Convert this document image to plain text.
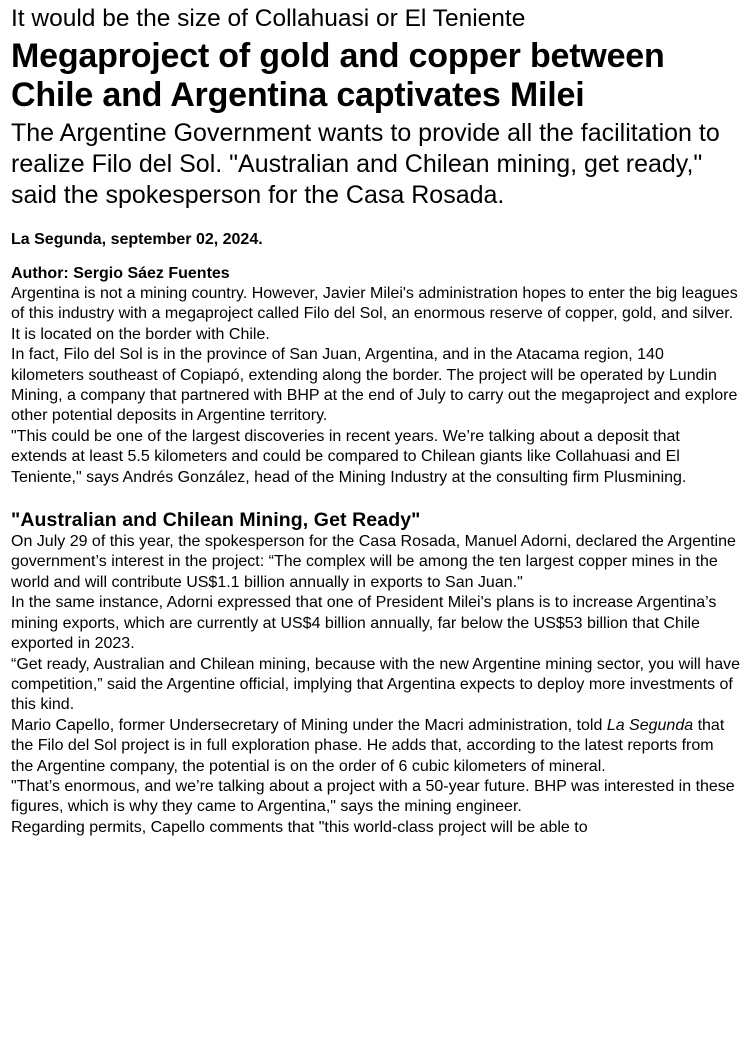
It would be the size of Collahuasi or El Teniente

Megaproject of gold and copper between Chile and Argentina captivates Milei

The Argentine Government wants to provide all the facilitation to realize Filo del Sol. "Australian and Chilean mining, get ready," said the spokesperson for the Casa Rosada.

La Segunda, september 02, 2024.

Author: Sergio Sáez Fuentes

Argentina is not a mining country. However, Javier Milei's administration hopes to enter the big leagues of this industry with a megaproject called Filo del Sol, an enormous reserve of copper, gold, and silver. It is located on the border with Chile.

In fact, Filo del Sol is in the province of San Juan, Argentina, and in the Atacama region, 140 kilometers southeast of Copiapó, extending along the border. The project will be operated by Lundin Mining, a company that partnered with BHP at the end of July to carry out the megaproject and explore other potential deposits in Argentine territory.

"This could be one of the largest discoveries in recent years. We’re talking about a deposit that extends at least 5.5 kilometers and could be compared to Chilean giants like Collahuasi and El Teniente," says Andrés González, head of the Mining Industry at the consulting firm Plusmining.

"Australian and Chilean Mining, Get Ready"

On July 29 of this year, the spokesperson for the Casa Rosada, Manuel Adorni, declared the Argentine government’s interest in the project: “The complex will be among the ten largest copper mines in the world and will contribute US$1.1 billion annually in exports to San Juan."

In the same instance, Adorni expressed that one of President Milei's plans is to increase Argentina’s mining exports, which are currently at US$4 billion annually, far below the US$53 billion that Chile exported in 2023.

“Get ready, Australian and Chilean mining, because with the new Argentine mining sector, you will have competition,” said the Argentine official, implying that Argentina expects to deploy more investments of this kind.

Mario Capello, former Undersecretary of Mining under the Macri administration, told La Segunda that the Filo del Sol project is in full exploration phase. He adds that, according to the latest reports from the Argentine company, the potential is on the order of 6 cubic kilometers of mineral.

"That’s enormous, and we’re talking about a project with a 50-year future. BHP was interested in these figures, which is why they came to Argentina," says the mining engineer.

Regarding permits, Capello comments that "this world-class project will be able to
